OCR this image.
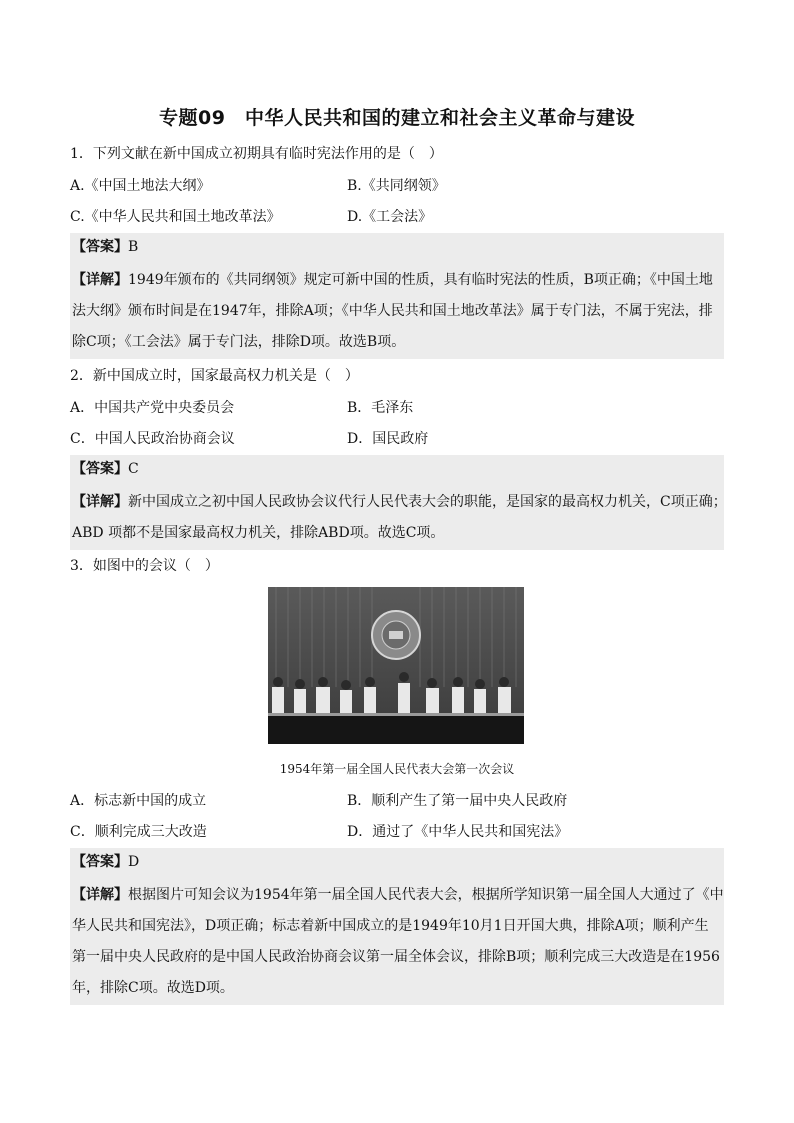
专题09　中华人民共和国的建立和社会主义革命与建设
1．下列文献在新中国成立初期具有临时宪法作用的是（　）
A.《中国土地法大纲》	B.《共同纲领》
C.《中华人民共和国土地改革法》	D.《工会法》
【答案】B
【详解】1949年颁布的《共同纲领》规定可新中国的性质，具有临时宪法的性质，B项正确；《中国土地
法大纲》颁布时间是在1947年，排除A项；《中华人民共和国土地改革法》属于专门法，不属于宪法，排
除C项；《工会法》属于专门法，排除D项。故选B项。
2．新中国成立时，国家最高权力机关是（　）
A．中国共产党中央委员会	B．毛泽东
C．中国人民政治协商会议	D．国民政府
【答案】C
【详解】新中国成立之初中国人民政协会议代行人民代表大会的职能，是国家的最高权力机关，C项正确；
ABD 项都不是国家最高权力机关，排除ABD项。故选C项。
3．如图中的会议（　）
1954年第一届全国人民代表大会第一次会议
A．标志新中国的成立	B．顺利产生了第一届中央人民政府
C．顺利完成三大改造	D．通过了《中华人民共和国宪法》
【答案】D
【详解】根据图片可知会议为1954年第一届全国人民代表大会，根据所学知识第一届全国人大通过了《中
华人民共和国宪法》，D项正确；标志着新中国成立的是1949年10月1日开国大典，排除A项；顺利产生
第一届中央人民政府的是中国人民政治协商会议第一届全体会议，排除B项；顺利完成三大改造是在1956
年，排除C项。故选D项。
